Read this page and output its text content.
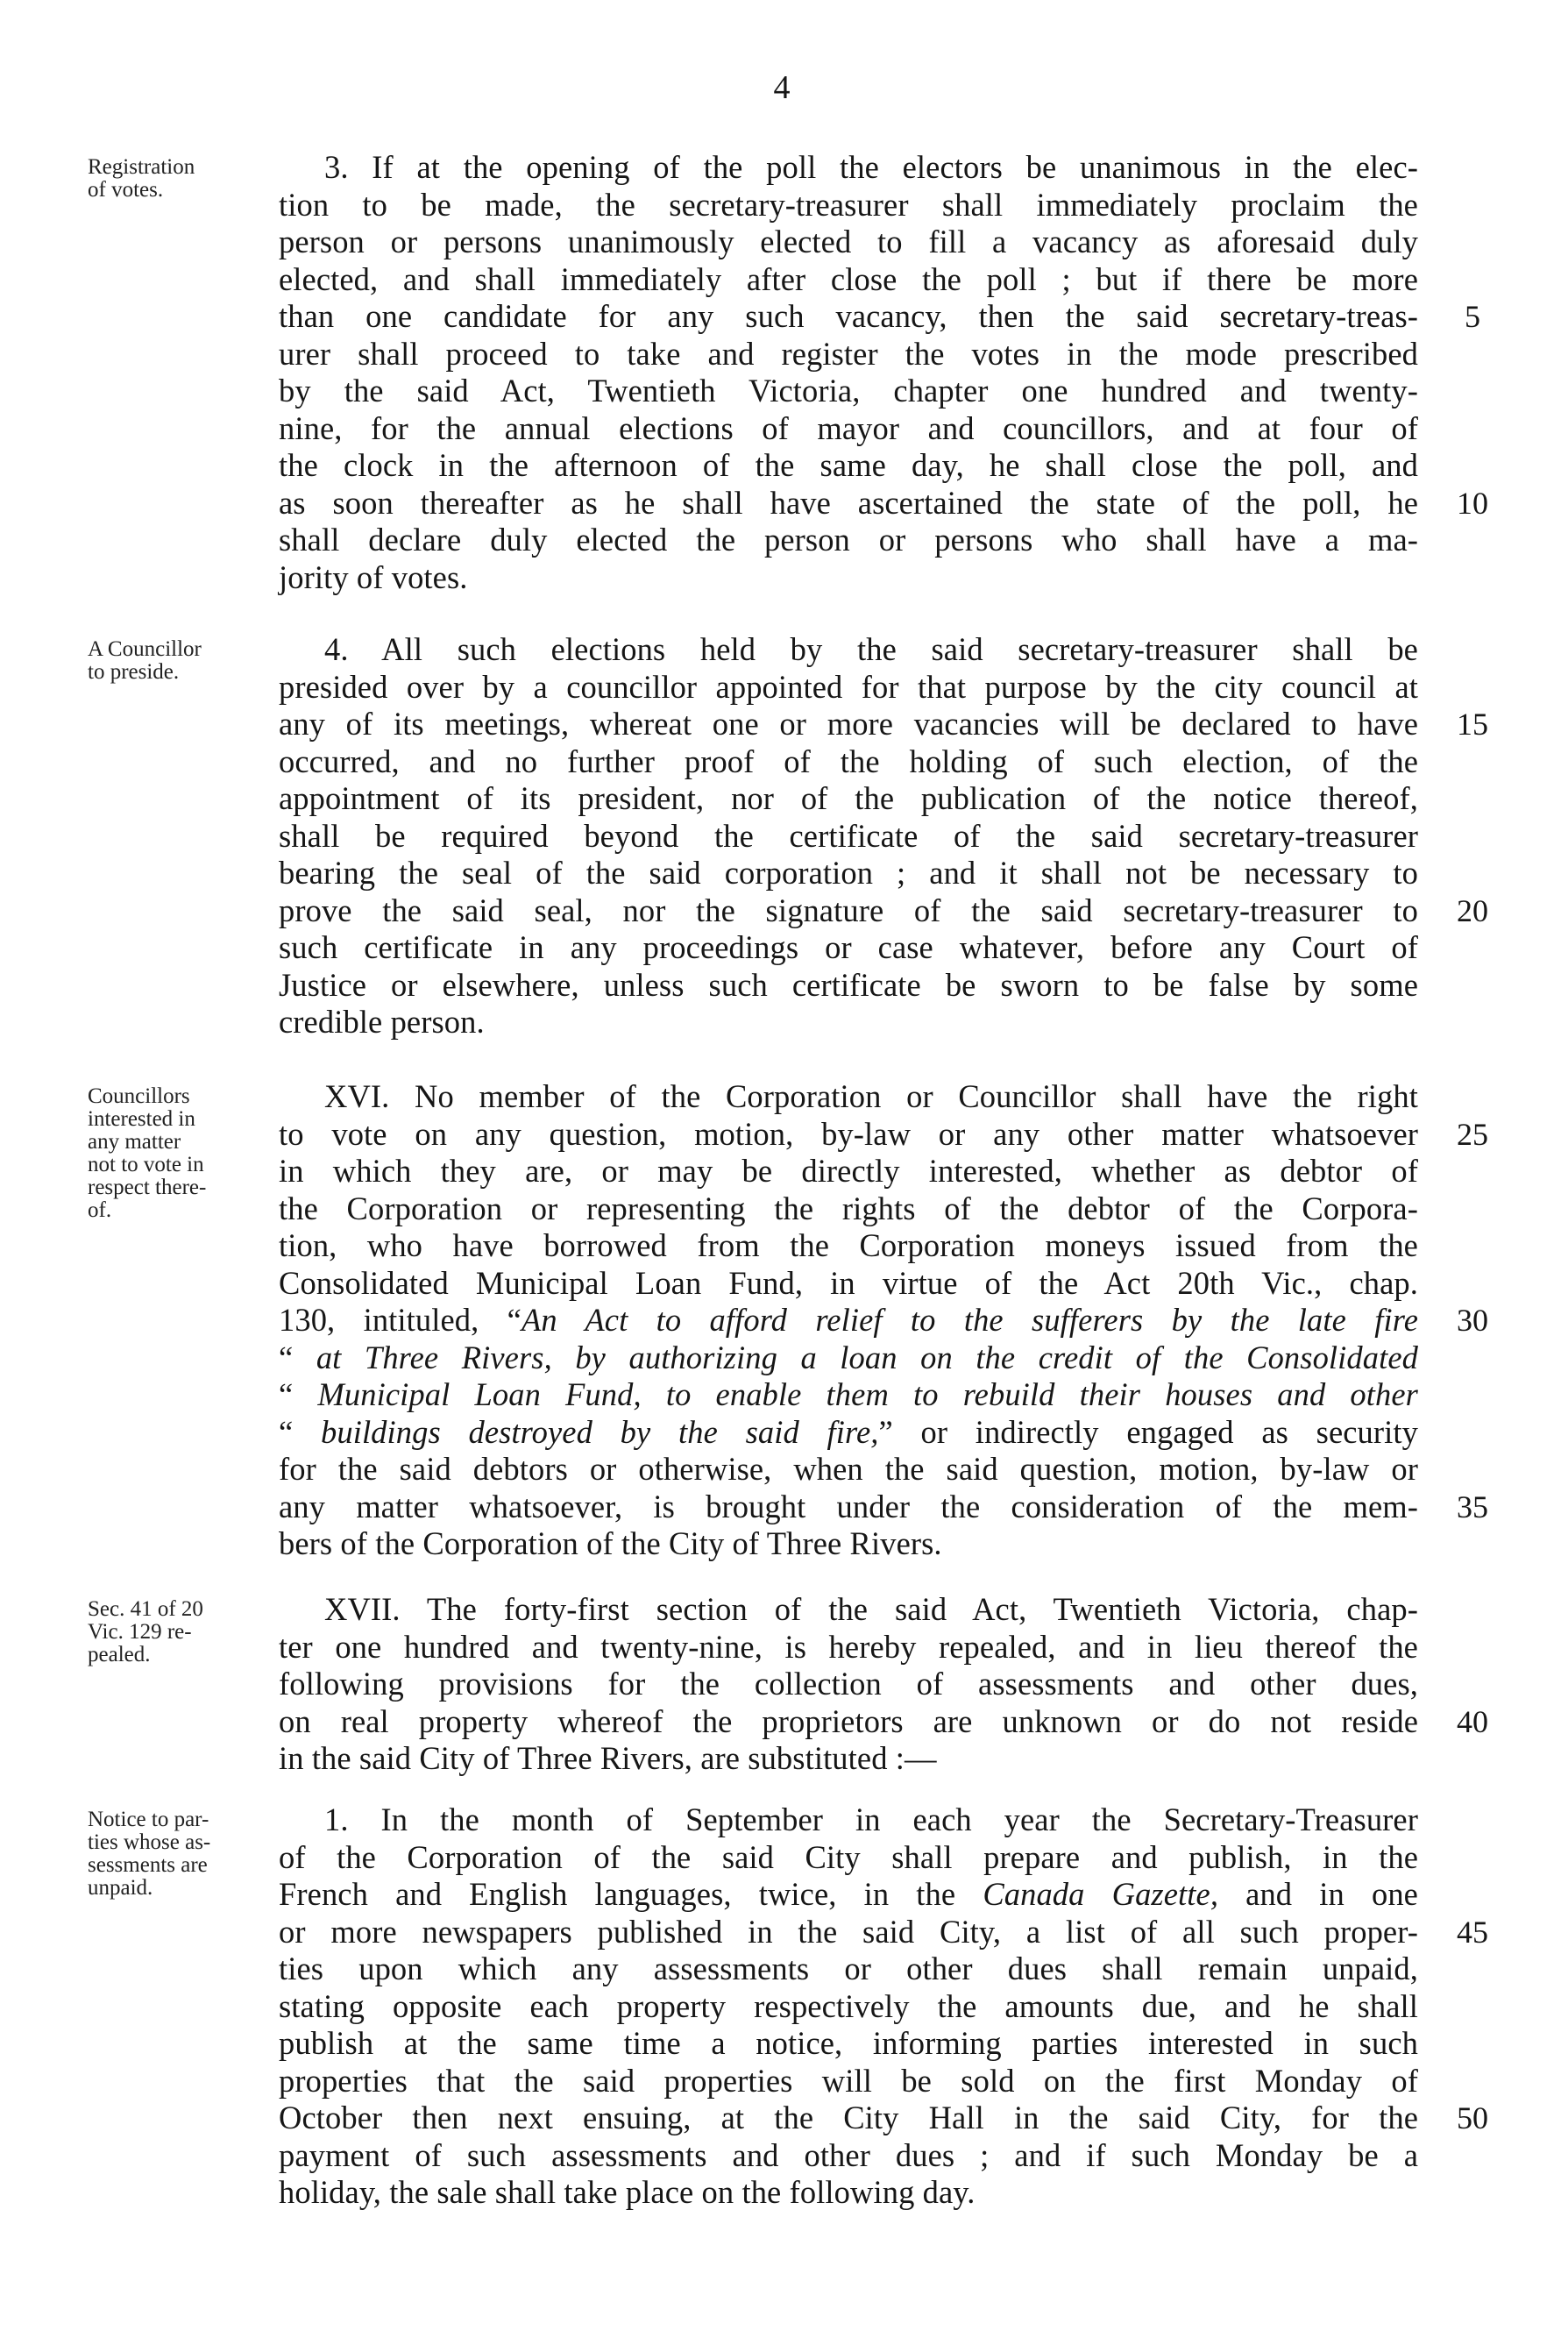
4
Registration
of votes.
3. If at the opening of the poll the electors be unanimous in the elec-
tion to be made, the secretary-treasurer shall immediately proclaim the
person or persons unanimously elected to fill a vacancy as aforesaid duly
elected, and shall immediately after close the poll ; but if there be more
than one candidate for any such vacancy, then the said secretary-treas-
urer shall proceed to take and register the votes in the mode prescribed
by the said Act, Twentieth Victoria, chapter one hundred and twenty-
nine, for the annual elections of mayor and councillors, and at four of
the clock in the afternoon of the same day, he shall close the poll, and
as soon thereafter as he shall have ascertained the state of the poll, he
shall declare duly elected the person or persons who shall have a ma-
jority of votes.
5
10
A Councillor
to preside.
4. All such elections held by the said secretary-treasurer shall be
presided over by a councillor appointed for that purpose by the city council at
any of its meetings, whereat one or more vacancies will be declared to have
occurred, and no further proof of the holding of such election, of the
appointment of its president, nor of the publication of the notice thereof,
shall be required beyond the certificate of the said secretary-treasurer
bearing the seal of the said corporation ; and it shall not be necessary to
prove the said seal, nor the signature of the said secretary-treasurer to
such certificate in any proceedings or case whatever, before any Court of
Justice or elsewhere, unless such certificate be sworn to be false by some
credible person.
15
20
Councillors
interested in
any matter
not to vote in
respect there-
of.
XVI. No member of the Corporation or Councillor shall have the right
to vote on any question, motion, by-law or any other matter whatsoever
in which they are, or may be directly interested, whether as debtor of
the Corporation or representing the rights of the debtor of the Corpora-
tion, who have borrowed from the Corporation moneys issued from the
Consolidated Municipal Loan Fund, in virtue of the Act 20th Vic., chap.
130, intituled, “An Act to afford relief to the sufferers by the late fire
“ at Three Rivers, by authorizing a loan on the credit of the Consolidated
“ Municipal Loan Fund, to enable them to rebuild their houses and other
“ buildings destroyed by the said fire,” or indirectly engaged as security
for the said debtors or otherwise, when the said question, motion, by-law or
any matter whatsoever, is brought under the consideration of the mem-
bers of the Corporation of the City of Three Rivers.
25
30
35
Sec. 41 of 20
Vic. 129 re-
pealed.
XVII. The forty-first section of the said Act, Twentieth Victoria, chap-
ter one hundred and twenty-nine, is hereby repealed, and in lieu thereof the
following provisions for the collection of assessments and other dues,
on real property whereof the proprietors are unknown or do not reside
in the said City of Three Rivers, are substituted :—
40
Notice to par-
ties whose as-
sessments are
unpaid.
1. In the month of September in each year the Secretary-Treasurer
of the Corporation of the said City shall prepare and publish, in the
French and English languages, twice, in the Canada Gazette, and in one
or more newspapers published in the said City, a list of all such proper-
ties upon which any assessments or other dues shall remain unpaid,
stating opposite each property respectively the amounts due, and he shall
publish at the same time a notice, informing parties interested in such
properties that the said properties will be sold on the first Monday of
October then next ensuing, at the City Hall in the said City, for the
payment of such assessments and other dues ; and if such Monday be a
holiday, the sale shall take place on the following day.
45
50
